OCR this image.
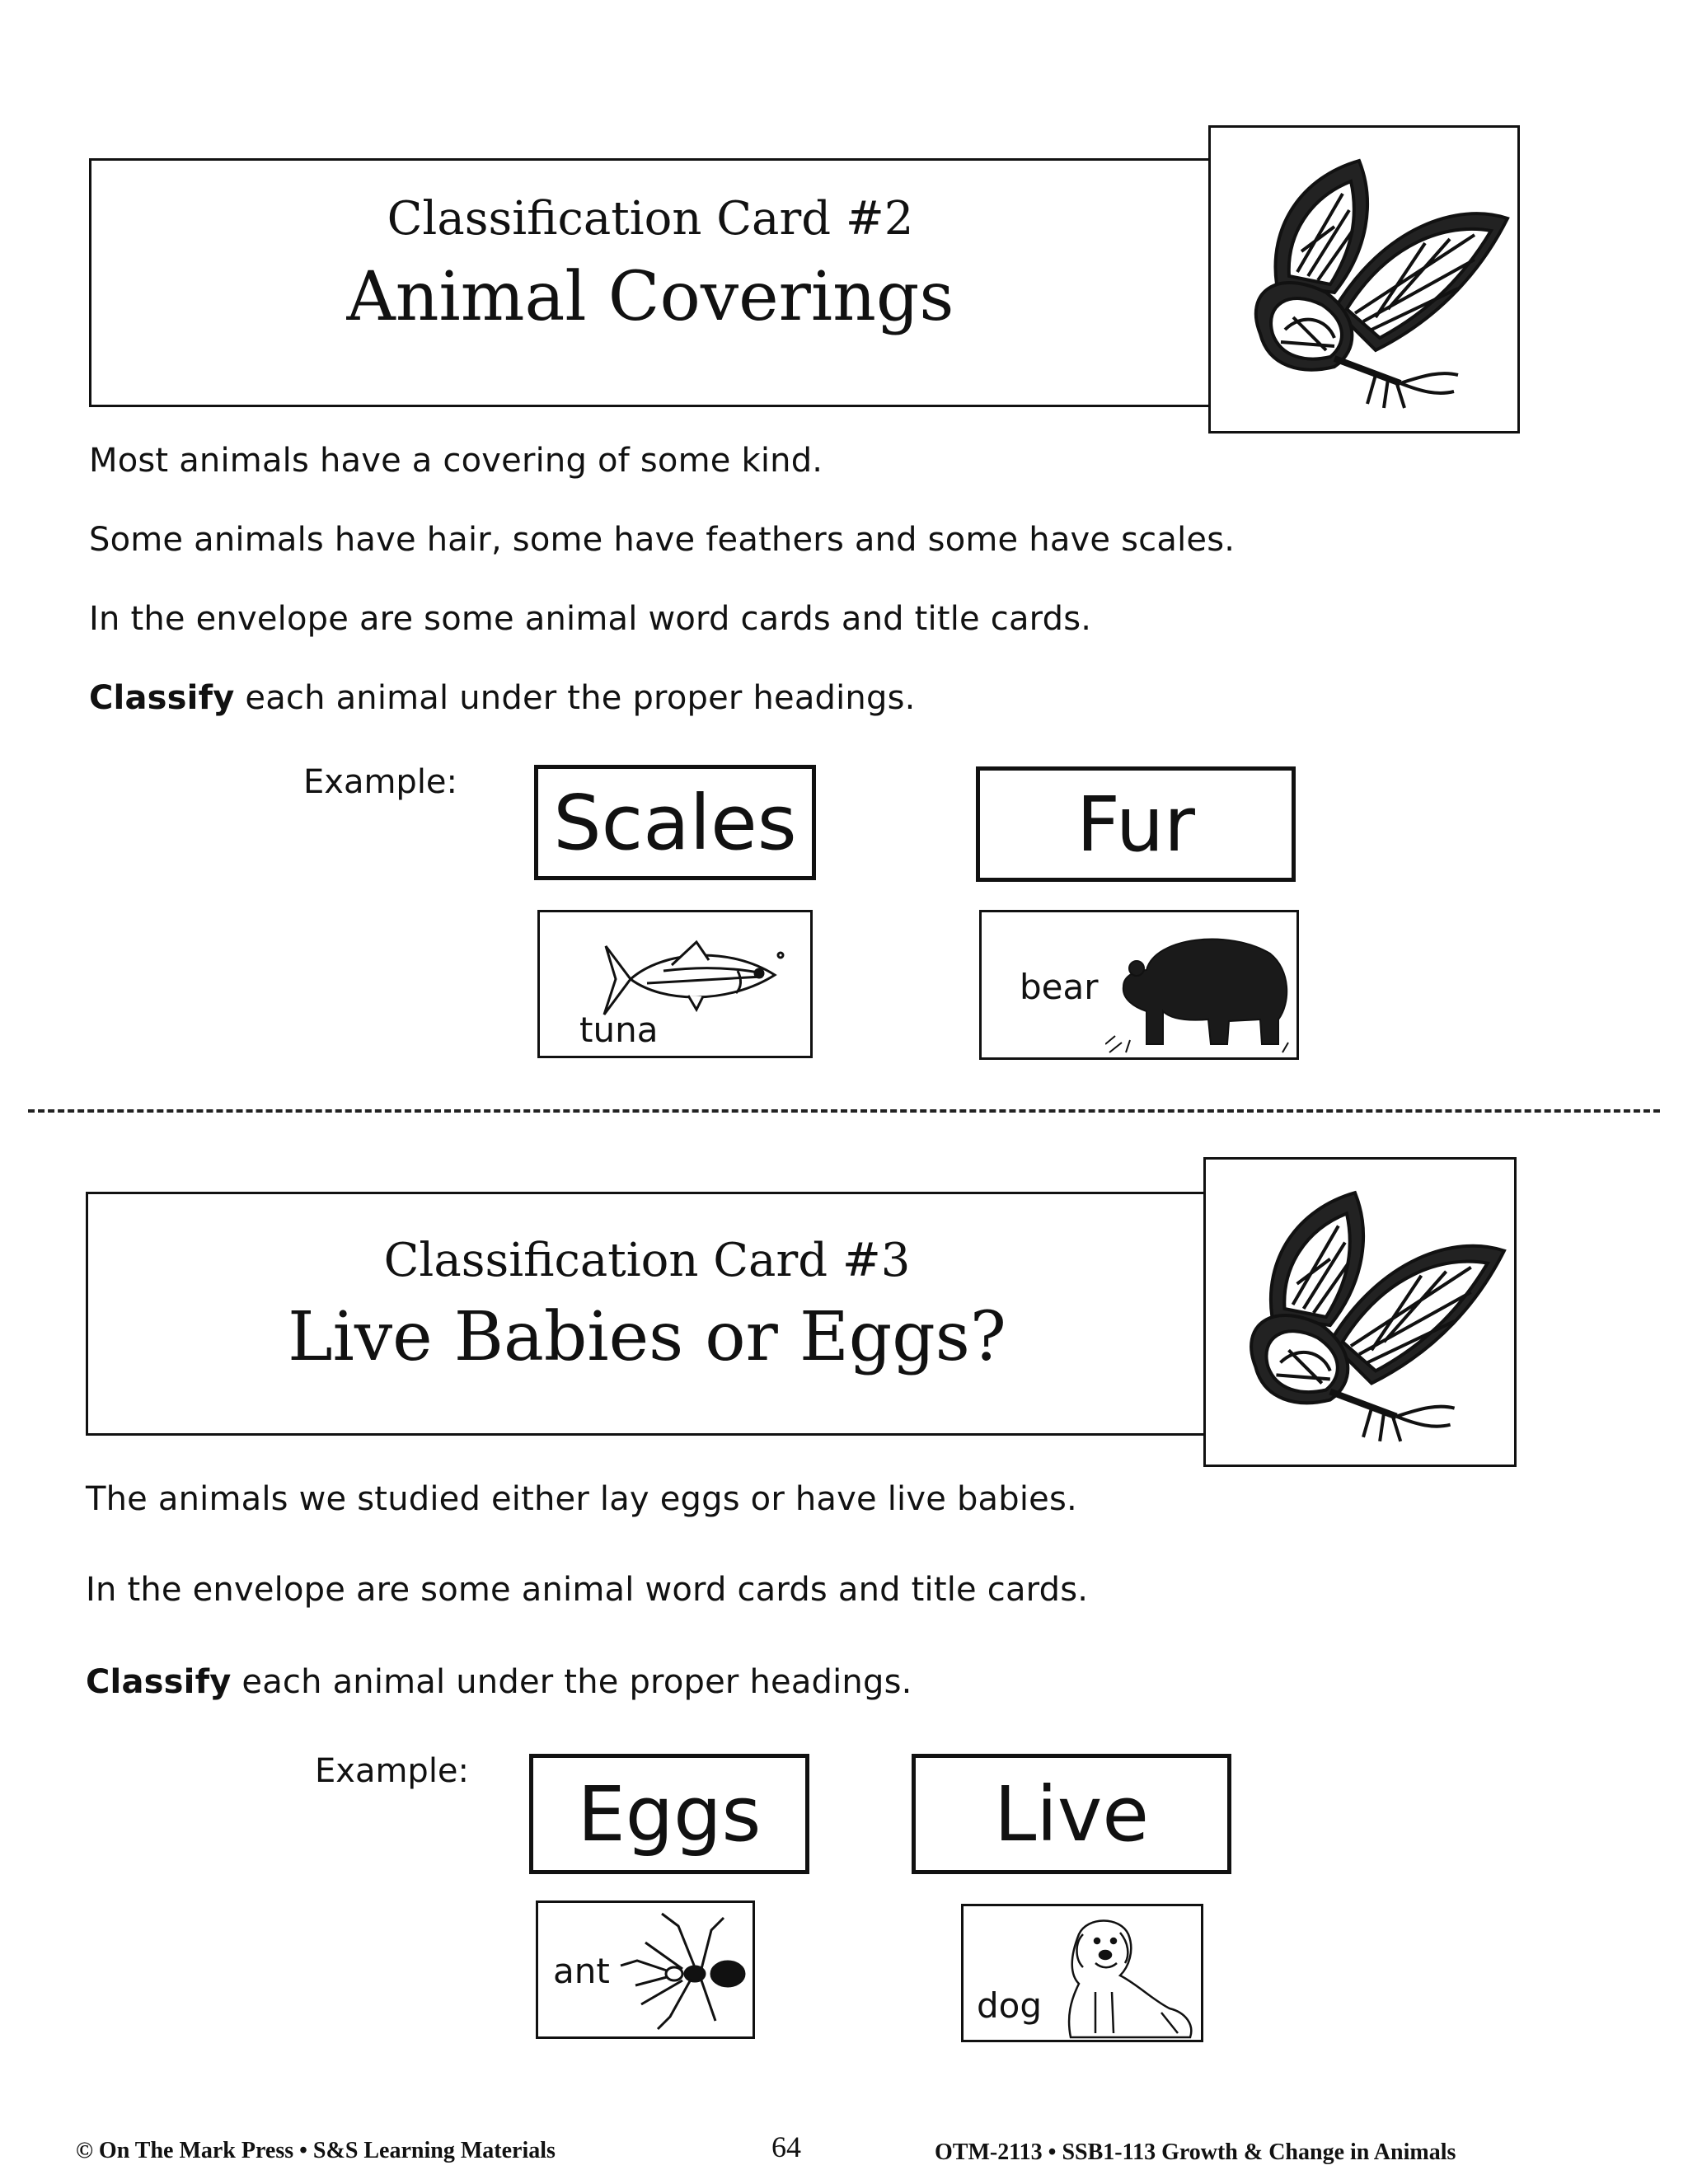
Classification Card #2
Animal Coverings
Most animals have a covering of some kind.
Some animals have hair, some have feathers and some have scales.
In the envelope are some animal word cards and title cards.
Classify each animal under the proper headings.
Example: Scales	Fur
tuna
bear
Classification Card #3
Live Babies or Eggs?
The animals we studied either lay eggs or have live babies.
In the envelope are some animal word cards and title cards.
Classify each animal under the proper headings.
Example: Eggs	Live
ant
dog
© On The Mark Press • S&S Learning Materials	64	OTM-2113 • SSB1-113 Growth & Change in Animals
